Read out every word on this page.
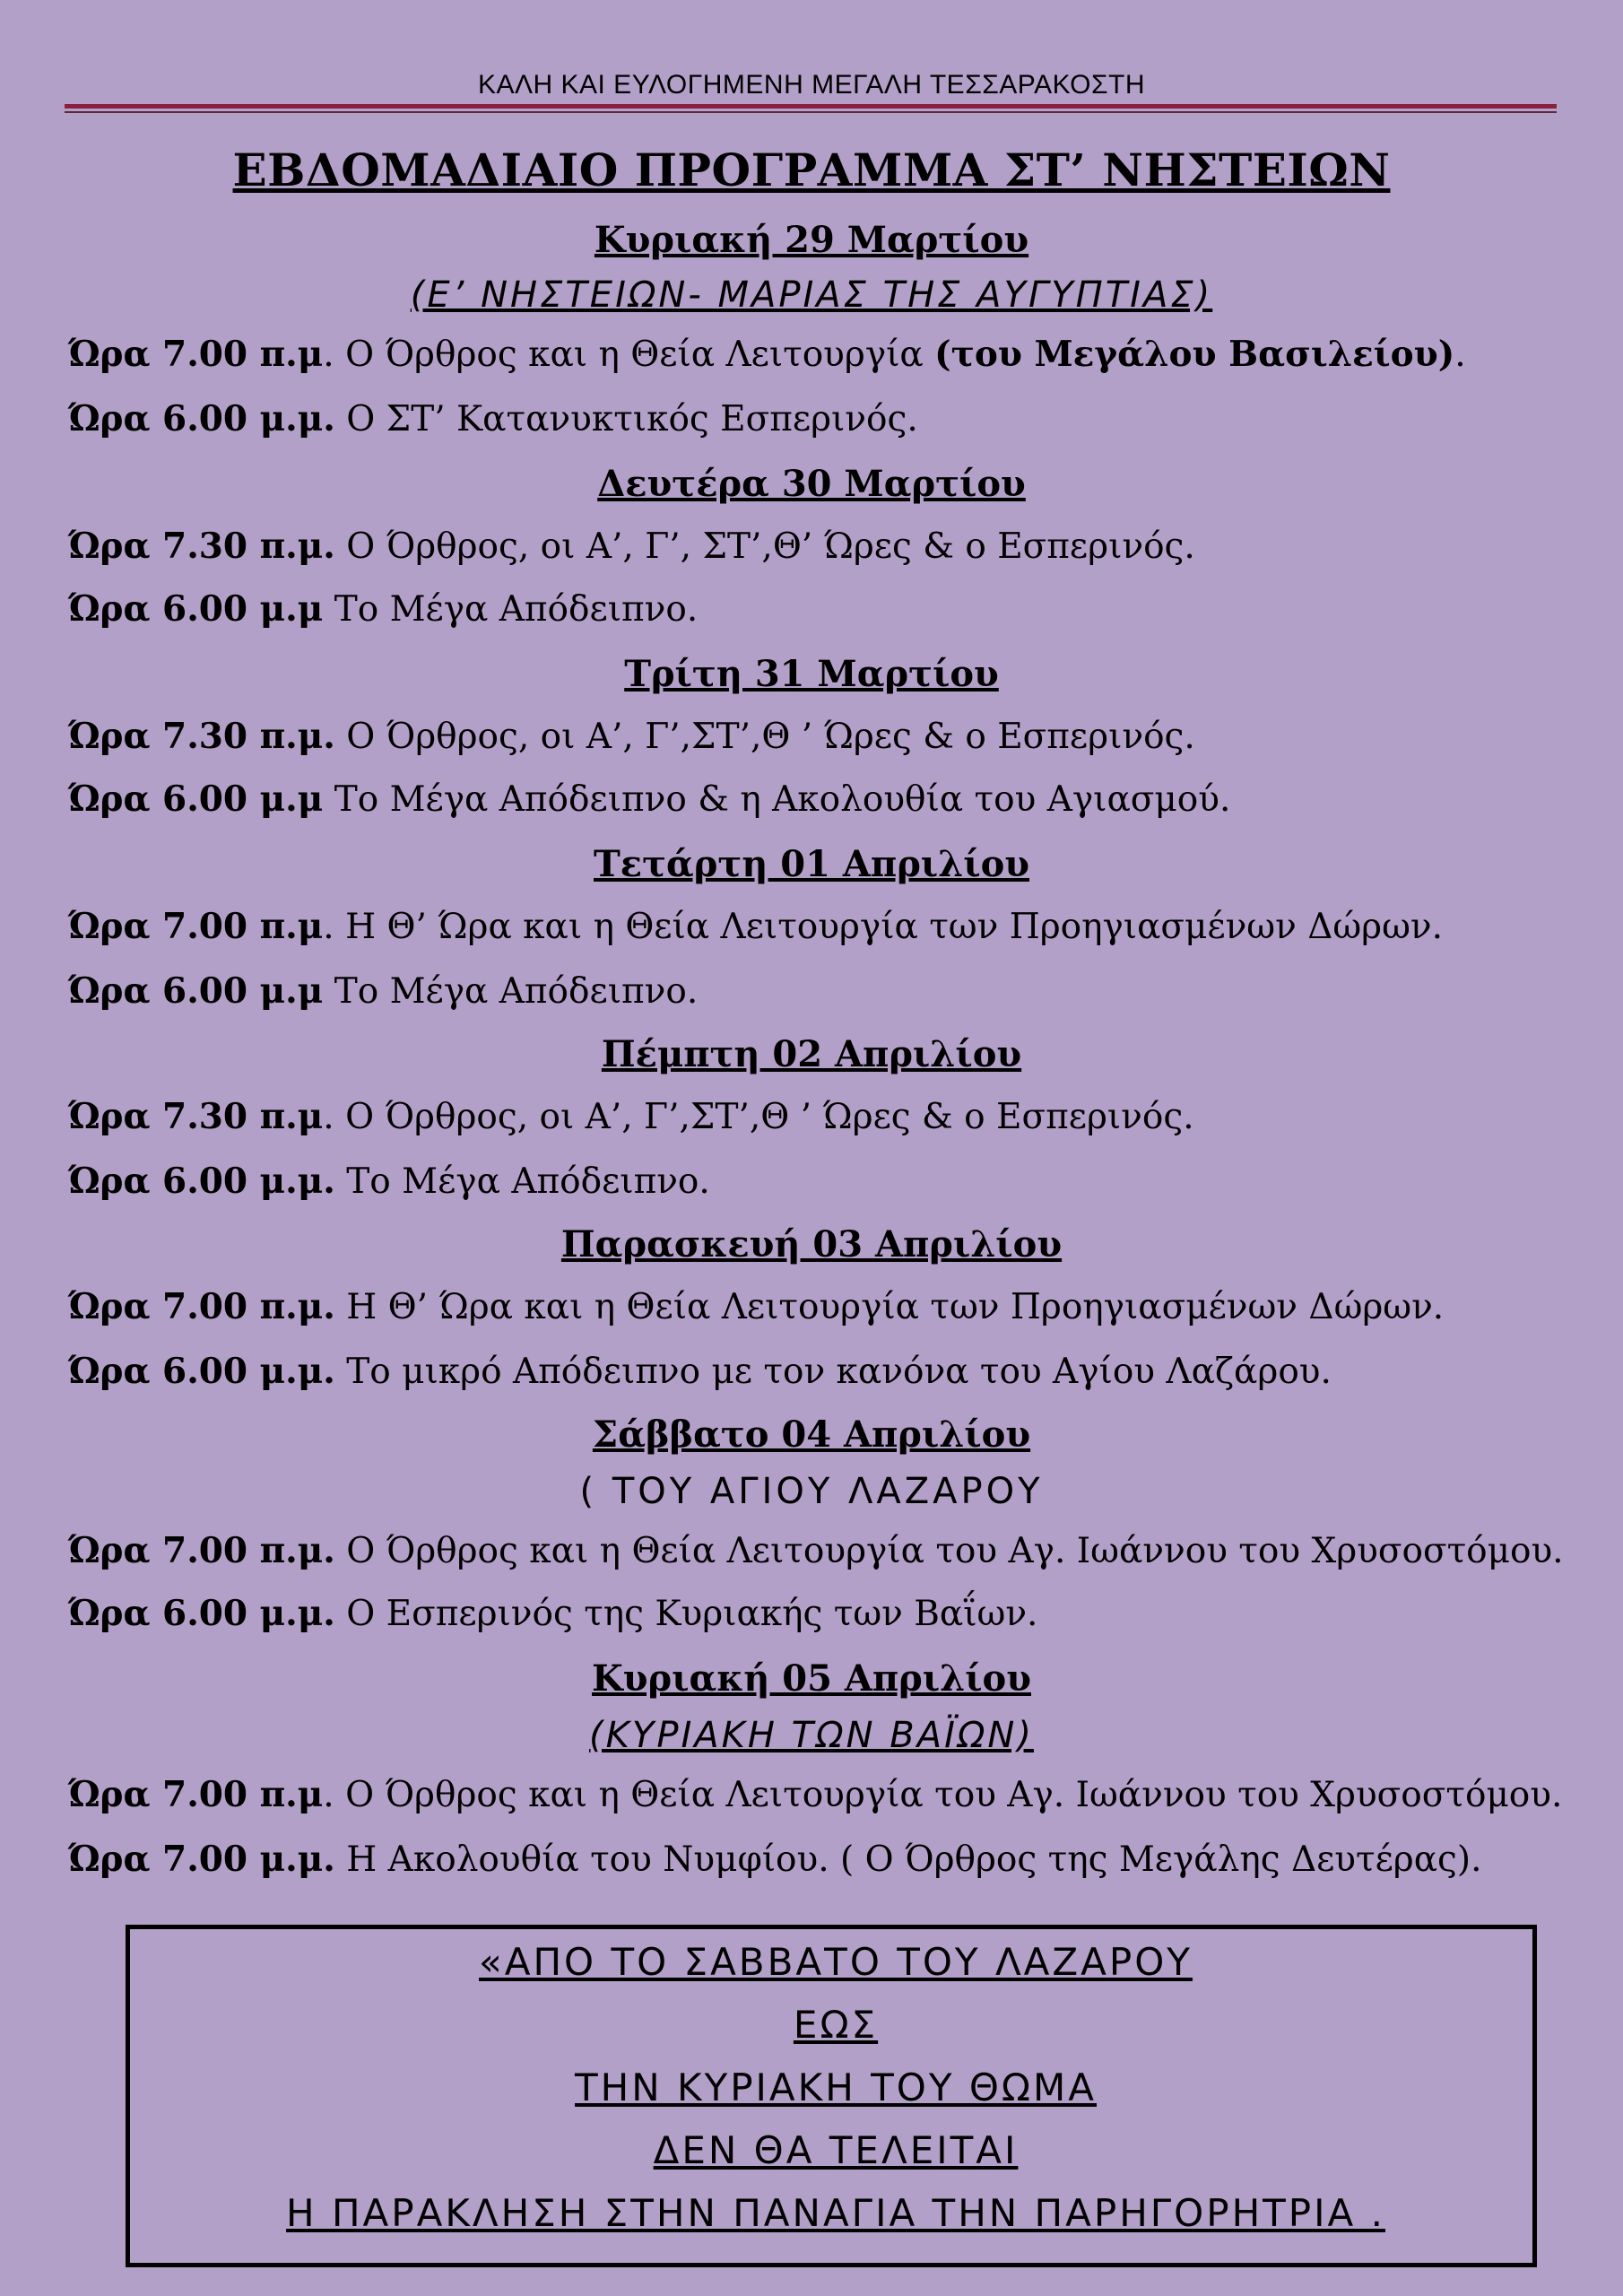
ΚΑΛΗ ΚΑΙ ΕΥΛΟΓΗΜΕΝΗ ΜΕΓΑΛΗ ΤΕΣΣΑΡΑΚΟΣΤΗ
ΕΒΔΟΜΑΔΙΑΙΟ ΠΡΟΓΡΑΜΜΑ ΣΤ’ ΝΗΣΤΕΙΩΝ
Κυριακή 29 Μαρτίου
(Ε’ ΝΗΣΤΕΙΩΝ- ΜΑΡΙΑΣ ΤΗΣ ΑΥΓΥΠΤΙΑΣ)
Ώρα 7.00 π.μ. Ο Όρθρος και η Θεία Λειτουργία (του Μεγάλου Βασιλείου).
Ώρα 6.00 μ.μ. Ο ΣΤ’ Κατανυκτικός Εσπερινός.
Δευτέρα 30 Μαρτίου
Ώρα 7.30 π.μ. Ο Όρθρος, οι Α’, Γ’, ΣΤ’,Θ’ Ώρες & ο Εσπερινός.
Ώρα 6.00 μ.μ Το Μέγα Απόδειπνο.
Τρίτη 31 Μαρτίου
Ώρα 7.30 π.μ. Ο Όρθρος, οι Α’, Γ’,ΣΤ’,Θ ’ Ώρες & ο Εσπερινός.
Ώρα 6.00 μ.μ Το Μέγα Απόδειπνο & η Ακολουθία του Αγιασμού.
Τετάρτη 01 Απριλίου
Ώρα 7.00 π.μ. Η Θ’ Ώρα και η Θεία Λειτουργία των Προηγιασμένων Δώρων.
Ώρα 6.00 μ.μ Το Μέγα Απόδειπνο.
Πέμπτη 02 Απριλίου
Ώρα 7.30 π.μ. Ο Όρθρος, οι Α’, Γ’,ΣΤ’,Θ ’ Ώρες & ο Εσπερινός.
Ώρα 6.00 μ.μ. Το Μέγα Απόδειπνο.
Παρασκευή 03 Απριλίου
Ώρα 7.00 π.μ. Η Θ’ Ώρα και η Θεία Λειτουργία των Προηγιασμένων Δώρων.
Ώρα 6.00 μ.μ. Το μικρό Απόδειπνο με τον κανόνα του Αγίου Λαζάρου.
Σάββατο 04 Απριλίου
( ΤΟΥ ΑΓΙΟΥ ΛΑΖΑΡΟΥ
Ώρα 7.00 π.μ. Ο Όρθρος και η Θεία Λειτουργία του Αγ. Ιωάννου του Χρυσοστόμου.
Ώρα 6.00 μ.μ. Ο Εσπερινός της Κυριακής των Βαΐων.
Κυριακή 05 Απριλίου
(ΚΥΡΙΑΚΗ ΤΩΝ ΒΑΪΩΝ)
Ώρα 7.00 π.μ. Ο Όρθρος και η Θεία Λειτουργία του Αγ. Ιωάννου του Χρυσοστόμου.
Ώρα 7.00 μ.μ. Η Ακολουθία του Νυμφίου. ( Ο Όρθρος της Μεγάλης Δευτέρας).
«ΑΠΟ ΤΟ ΣΑΒΒΑΤΟ ΤΟΥ ΛΑΖΑΡΟΥ
ΕΩΣ
ΤΗΝ ΚΥΡΙΑΚΗ ΤΟΥ ΘΩΜΑ
ΔΕΝ ΘΑ ΤΕΛΕΙΤΑΙ
Η ΠΑΡΑΚΛΗΣΗ ΣΤΗΝ ΠΑΝΑΓΙΑ ΤΗΝ ΠΑΡΗΓΟΡΗΤΡΙΑ .
